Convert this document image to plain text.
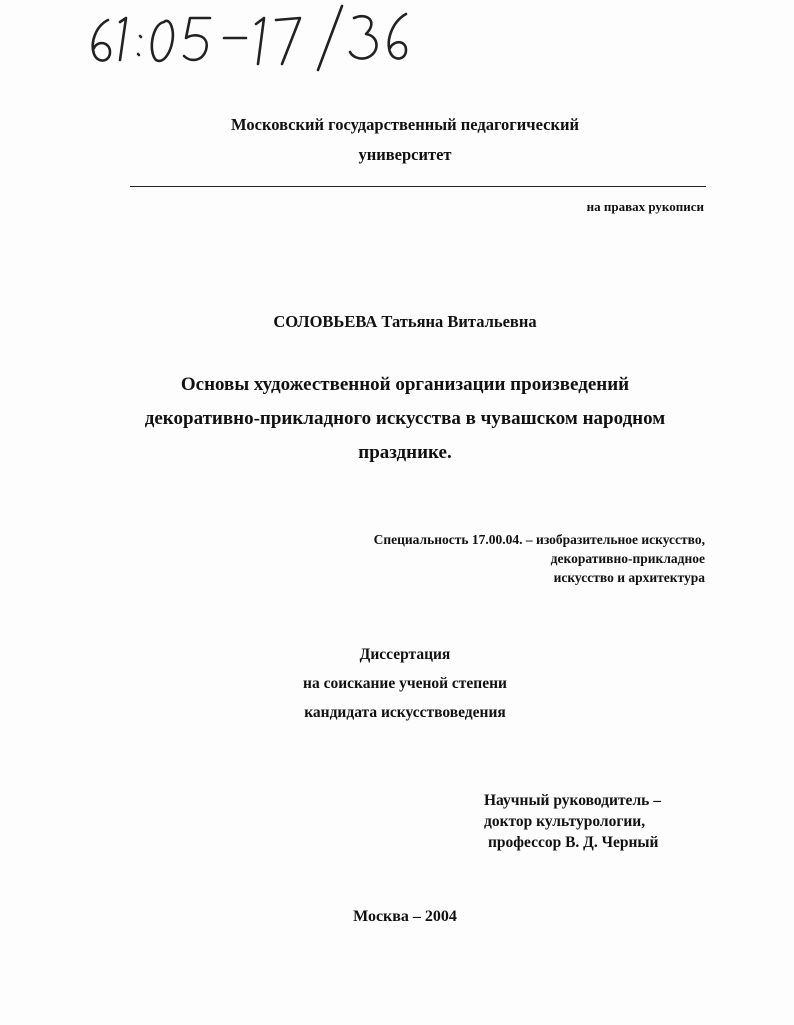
Московский государственный педагогический
университет
на правах рукописи
СОЛОВЬЕВА Татьяна Витальевна
Основы художественной организации произведений
декоративно-прикладного искусства в чувашском народном
празднике.
Специальность 17.00.04. – изобразительное искусство,
декоративно-прикладное
искусство и архитектура
Диссертация
на соискание ученой степени
кандидата искусствоведения
Научный руководитель –
доктор культурологии,
профессор В. Д. Черный
Москва – 2004
